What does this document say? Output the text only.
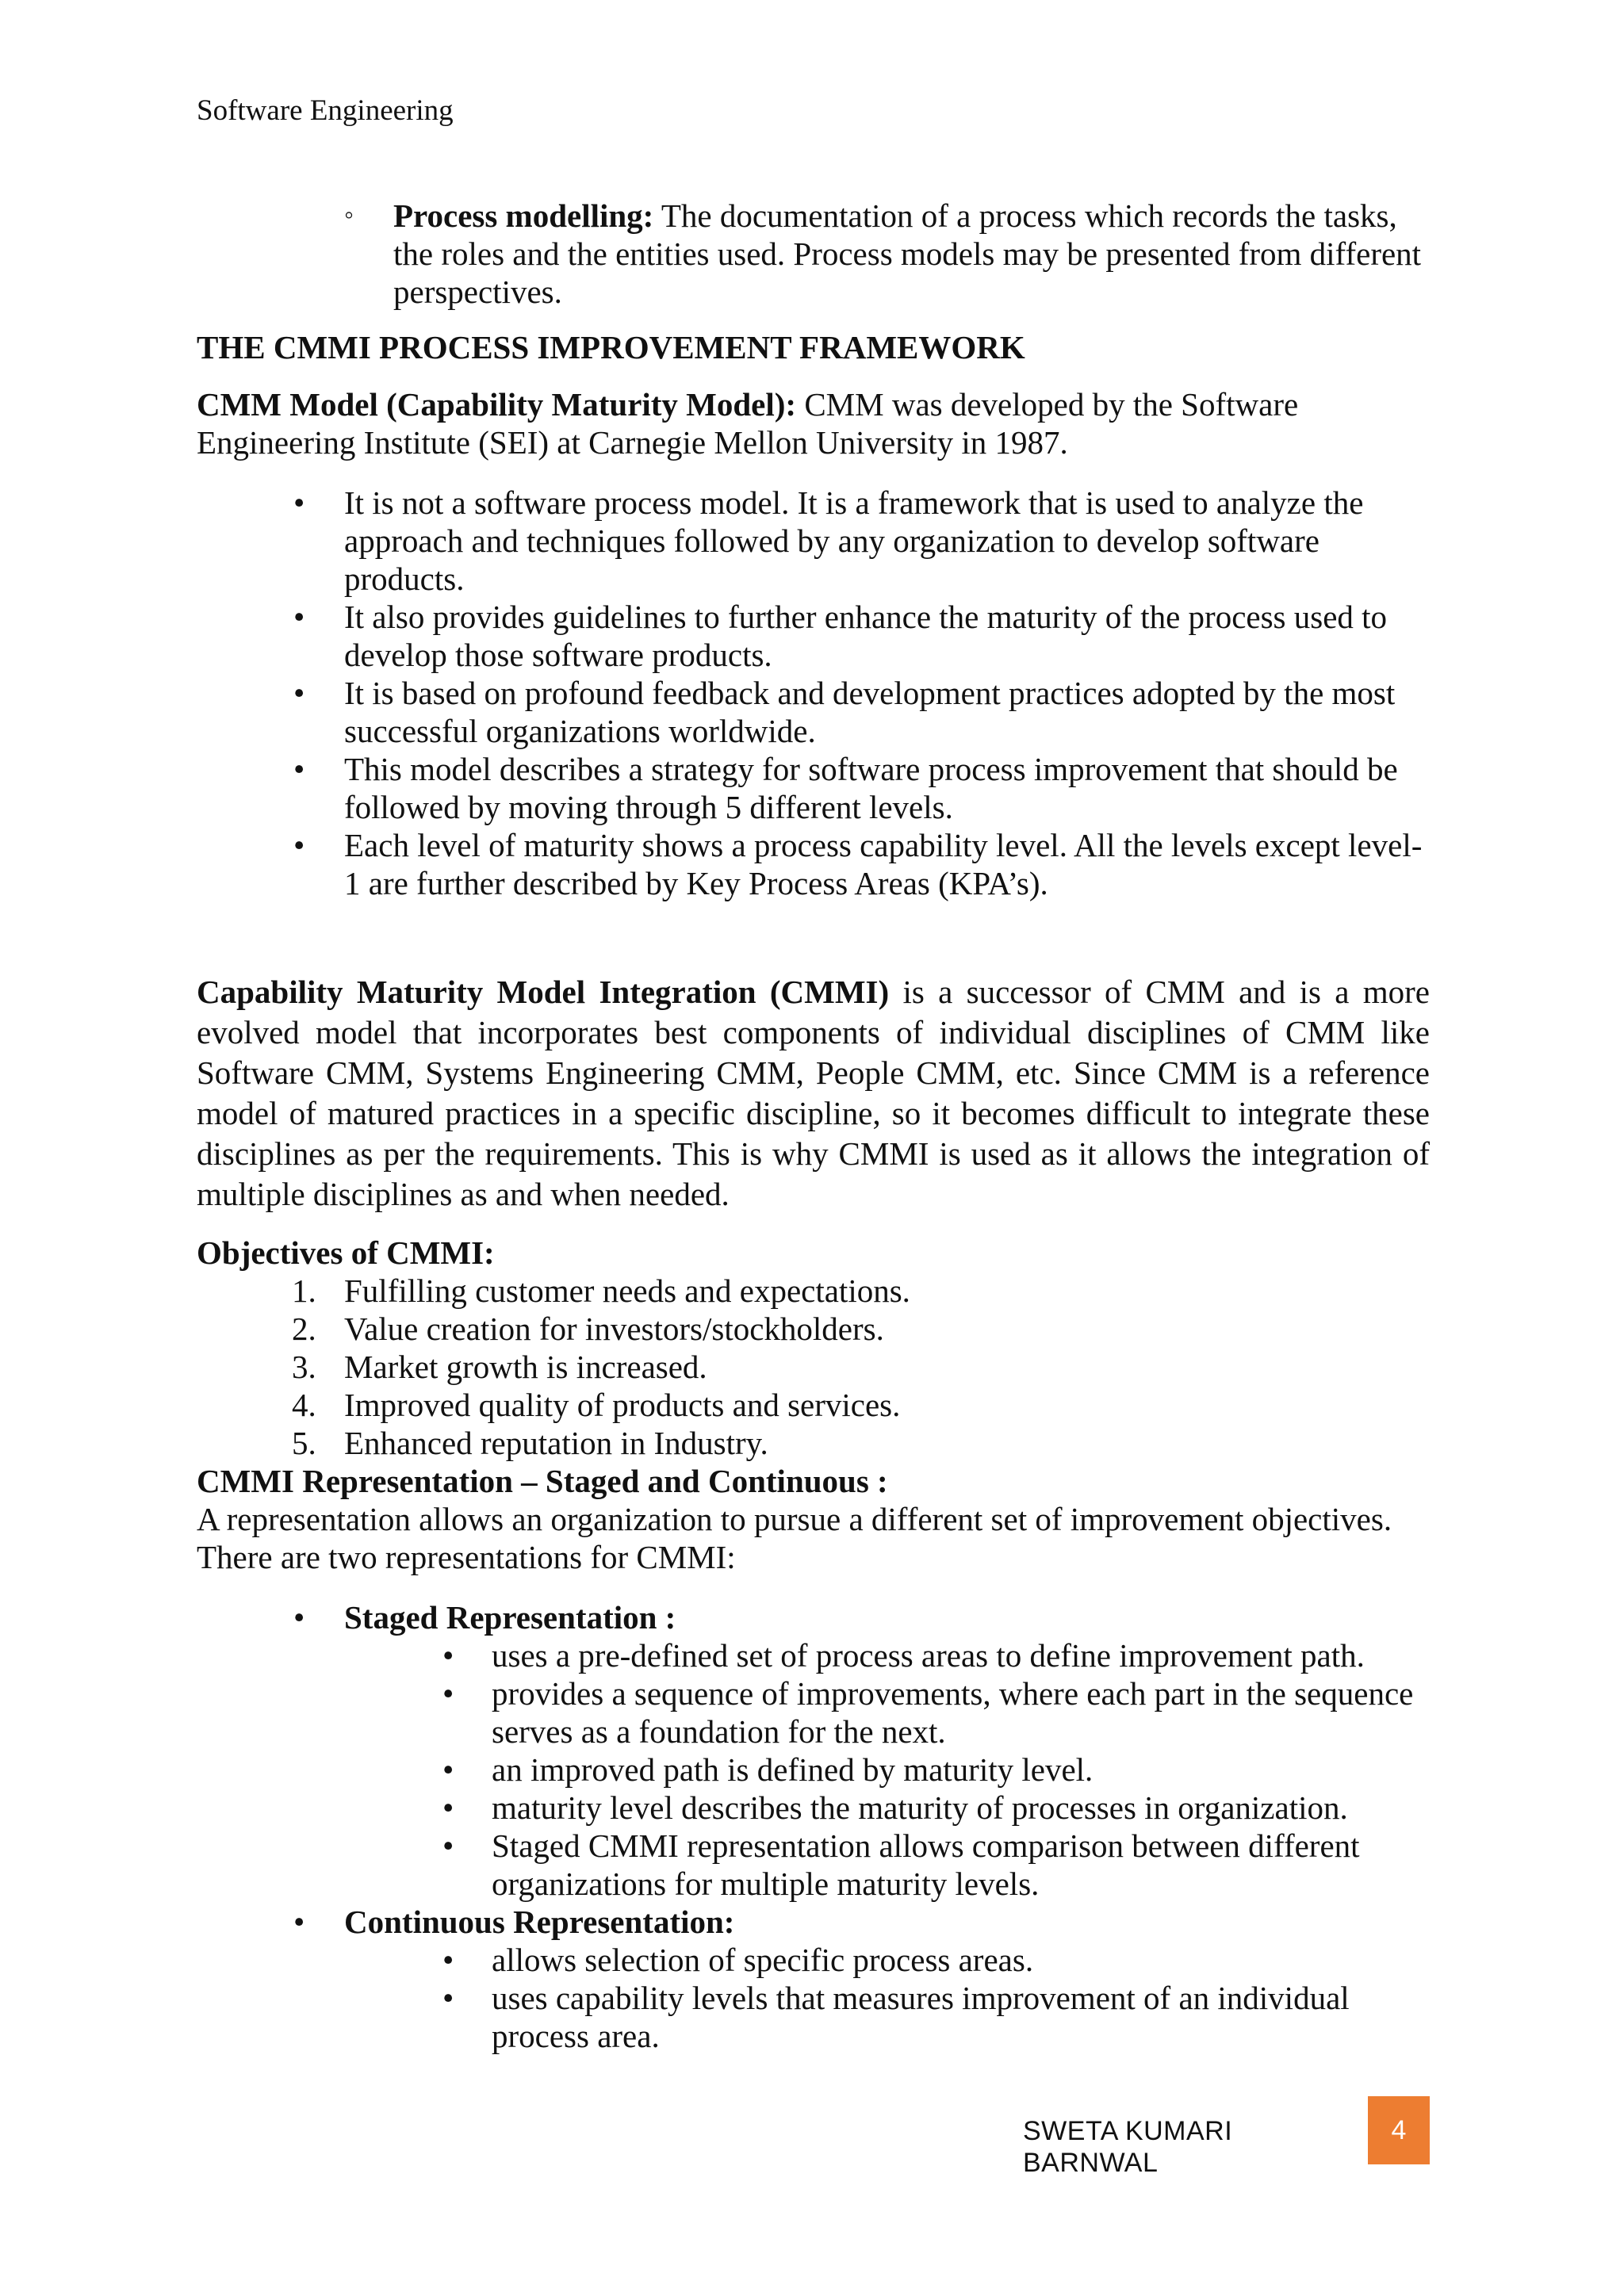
Software Engineering
◦ Process modelling: The documentation of a process which records the tasks, the roles and the entities used. Process models may be presented from different perspectives.
THE CMMI PROCESS IMPROVEMENT FRAMEWORK
CMM Model (Capability Maturity Model): CMM was developed by the Software Engineering Institute (SEI) at Carnegie Mellon University in 1987.
• It is not a software process model. It is a framework that is used to analyze the approach and techniques followed by any organization to develop software products.
• It also provides guidelines to further enhance the maturity of the process used to develop those software products.
• It is based on profound feedback and development practices adopted by the most successful organizations worldwide.
• This model describes a strategy for software process improvement that should be followed by moving through 5 different levels.
• Each level of maturity shows a process capability level. All the levels except level-1 are further described by Key Process Areas (KPA’s).
Capability Maturity Model Integration (CMMI) is a successor of CMM and is a more evolved model that incorporates best components of individual disciplines of CMM like Software CMM, Systems Engineering CMM, People CMM, etc. Since CMM is a reference model of matured practices in a specific discipline, so it becomes difficult to integrate these disciplines as per the requirements. This is why CMMI is used as it allows the integration of multiple disciplines as and when needed.
Objectives of CMMI:
1. Fulfilling customer needs and expectations.
2. Value creation for investors/stockholders.
3. Market growth is increased.
4. Improved quality of products and services.
5. Enhanced reputation in Industry.
CMMI Representation – Staged and Continuous :
A representation allows an organization to pursue a different set of improvement objectives. There are two representations for CMMI:
• Staged Representation :
• uses a pre-defined set of process areas to define improvement path.
• provides a sequence of improvements, where each part in the sequence serves as a foundation for the next.
• an improved path is defined by maturity level.
• maturity level describes the maturity of processes in organization.
• Staged CMMI representation allows comparison between different organizations for multiple maturity levels.
• Continuous Representation:
• allows selection of specific process areas.
• uses capability levels that measures improvement of an individual process area.
SWETA KUMARI BARNWAL
4
